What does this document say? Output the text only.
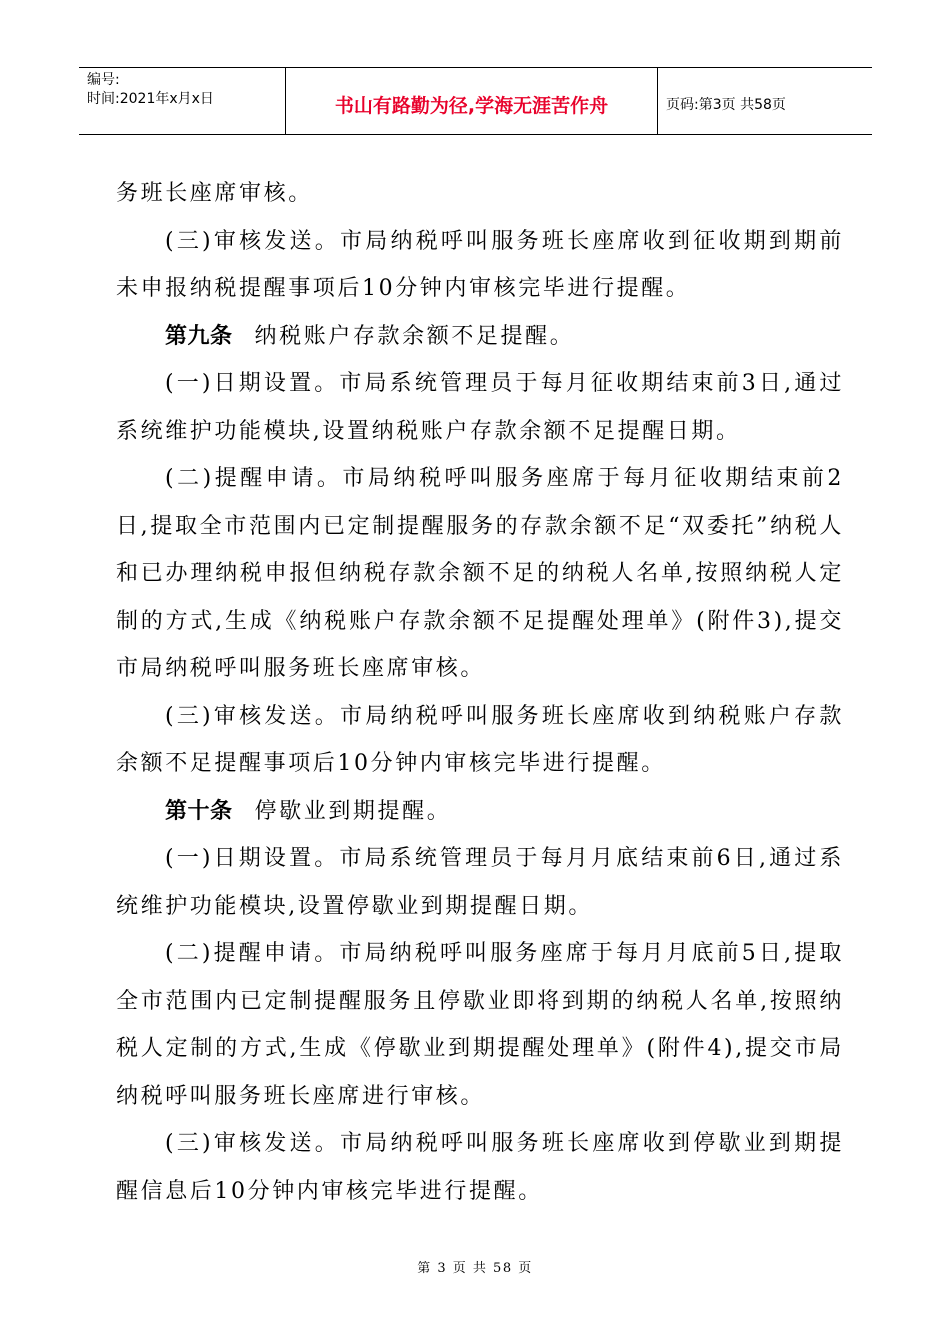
编号:
时间:2021年x月x日	书山有路勤为径,学海无涯苦作舟	页码:第3页 共58页

务班长座席审核。

(三)审核发送。市局纳税呼叫服务班长座席收到征收期到期前未申报纳税提醒事项后10分钟内审核完毕进行提醒。

第九条 纳税账户存款余额不足提醒。

(一)日期设置。市局系统管理员于每月征收期结束前3日,通过系统维护功能模块,设置纳税账户存款余额不足提醒日期。

(二)提醒申请。市局纳税呼叫服务座席于每月征收期结束前2日,提取全市范围内已定制提醒服务的存款余额不足“双委托”纳税人和已办理纳税申报但纳税存款余额不足的纳税人名单,按照纳税人定制的方式,生成《纳税账户存款余额不足提醒处理单》(附件3),提交市局纳税呼叫服务班长座席审核。

(三)审核发送。市局纳税呼叫服务班长座席收到纳税账户存款余额不足提醒事项后10分钟内审核完毕进行提醒。

第十条 停歇业到期提醒。

(一)日期设置。市局系统管理员于每月月底结束前6日,通过系统维护功能模块,设置停歇业到期提醒日期。

(二)提醒申请。市局纳税呼叫服务座席于每月月底前5日,提取全市范围内已定制提醒服务且停歇业即将到期的纳税人名单,按照纳税人定制的方式,生成《停歇业到期提醒处理单》(附件4),提交市局纳税呼叫服务班长座席进行审核。

(三)审核发送。市局纳税呼叫服务班长座席收到停歇业到期提醒信息后10分钟内审核完毕进行提醒。

第 3 页 共 58 页
